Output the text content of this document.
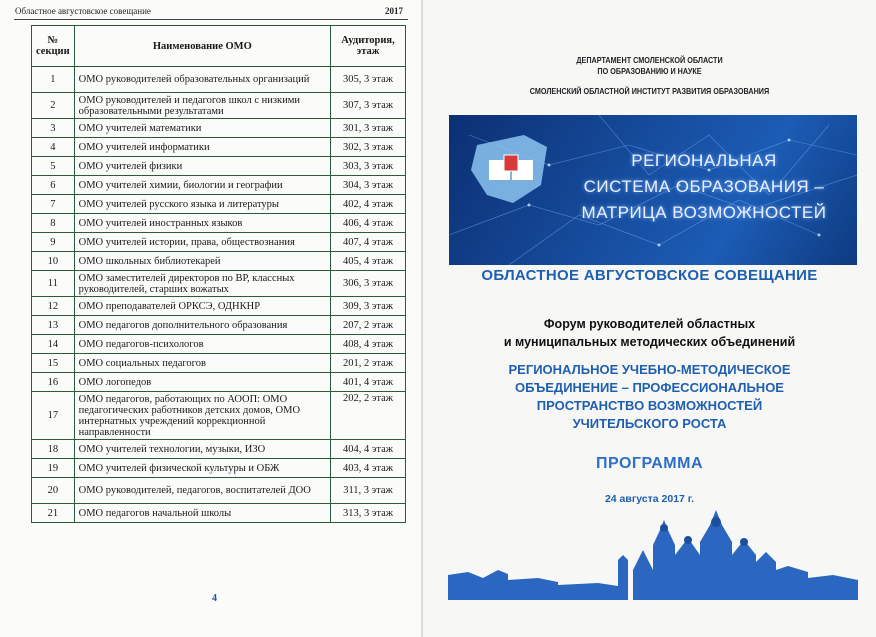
Областное августовское совещание	2017
№ секции	Наименование ОМО	Аудитория, этаж
1	ОМО руководителей образовательных организаций	305, 3 этаж
2	ОМО руководителей и педагогов школ с низкими образовательными результатами	307, 3 этаж
3	ОМО учителей математики	301, 3 этаж
4	ОМО учителей информатики	302, 3 этаж
5	ОМО учителей физики	303, 3 этаж
6	ОМО учителей химии, биологии и географии	304, 3 этаж
7	ОМО учителей русского языка и литературы	402, 4 этаж
8	ОМО учителей иностранных языков	406, 4 этаж
9	ОМО учителей истории, права, обществознания	407, 4 этаж
10	ОМО школьных библиотекарей	405, 4 этаж
11	ОМО заместителей директоров по ВР, классных руководителей, старших вожатых	306, 3 этаж
12	ОМО преподавателей ОРКСЭ, ОДНКНР	309, 3 этаж
13	ОМО педагогов дополнительного образования	207, 2 этаж
14	ОМО педагогов-психологов	408, 4 этаж
15	ОМО социальных педагогов	201, 2 этаж
16	ОМО логопедов	401, 4 этаж
17	ОМО педагогов, работающих по АООП: ОМО педагогических работников детских домов, ОМО интернатных учреждений коррекционной направленности	202, 2 этаж
18	ОМО учителей технологии, музыки, ИЗО	404, 4 этаж
19	ОМО учителей физической культуры и ОБЖ	403, 4 этаж
20	ОМО руководителей, педагогов, воспитателей ДОО	311, 3 этаж
21	ОМО педагогов начальной школы	313, 3 этаж
4
ДЕПАРТАМЕНТ СМОЛЕНСКОЙ ОБЛАСТИ
ПО ОБРАЗОВАНИЮ И НАУКЕ
СМОЛЕНСКИЙ ОБЛАСТНОЙ ИНСТИТУТ РАЗВИТИЯ ОБРАЗОВАНИЯ
РЕГИОНАЛЬНАЯ
СИСТЕМА ОБРАЗОВАНИЯ –
МАТРИЦА ВОЗМОЖНОСТЕЙ
ОБЛАСТНОЕ АВГУСТОВСКОЕ СОВЕЩАНИЕ
Форум руководителей областных
и муниципальных методических объединений
РЕГИОНАЛЬНОЕ УЧЕБНО-МЕТОДИЧЕСКОЕ
ОБЪЕДИНЕНИЕ – ПРОФЕССИОНАЛЬНОЕ
ПРОСТРАНСТВО ВОЗМОЖНОСТЕЙ
УЧИТЕЛЬСКОГО РОСТА
ПРОГРАММА
24 августа 2017 г.
